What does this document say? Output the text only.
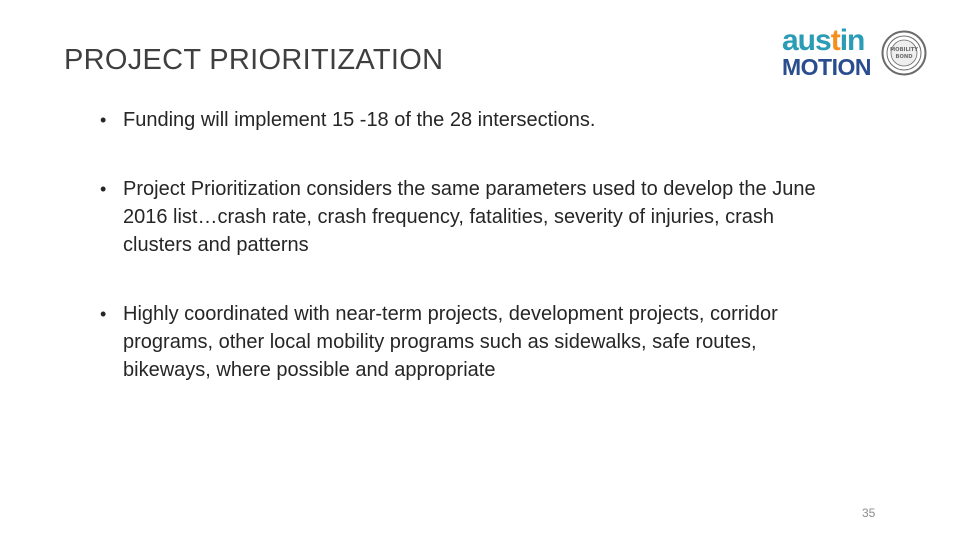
PROJECT PRIORITIZATION
austin
MOTION
MOBILITY
BOND
• Funding will implement 15 -18 of the 28 intersections.
• Project Prioritization considers the same parameters used to develop the June 2016 list…crash rate, crash frequency, fatalities, severity of injuries, crash clusters and patterns
• Highly coordinated with near-term projects, development projects, corridor programs, other local mobility programs such as sidewalks, safe routes, bikeways, where possible and appropriate
35
